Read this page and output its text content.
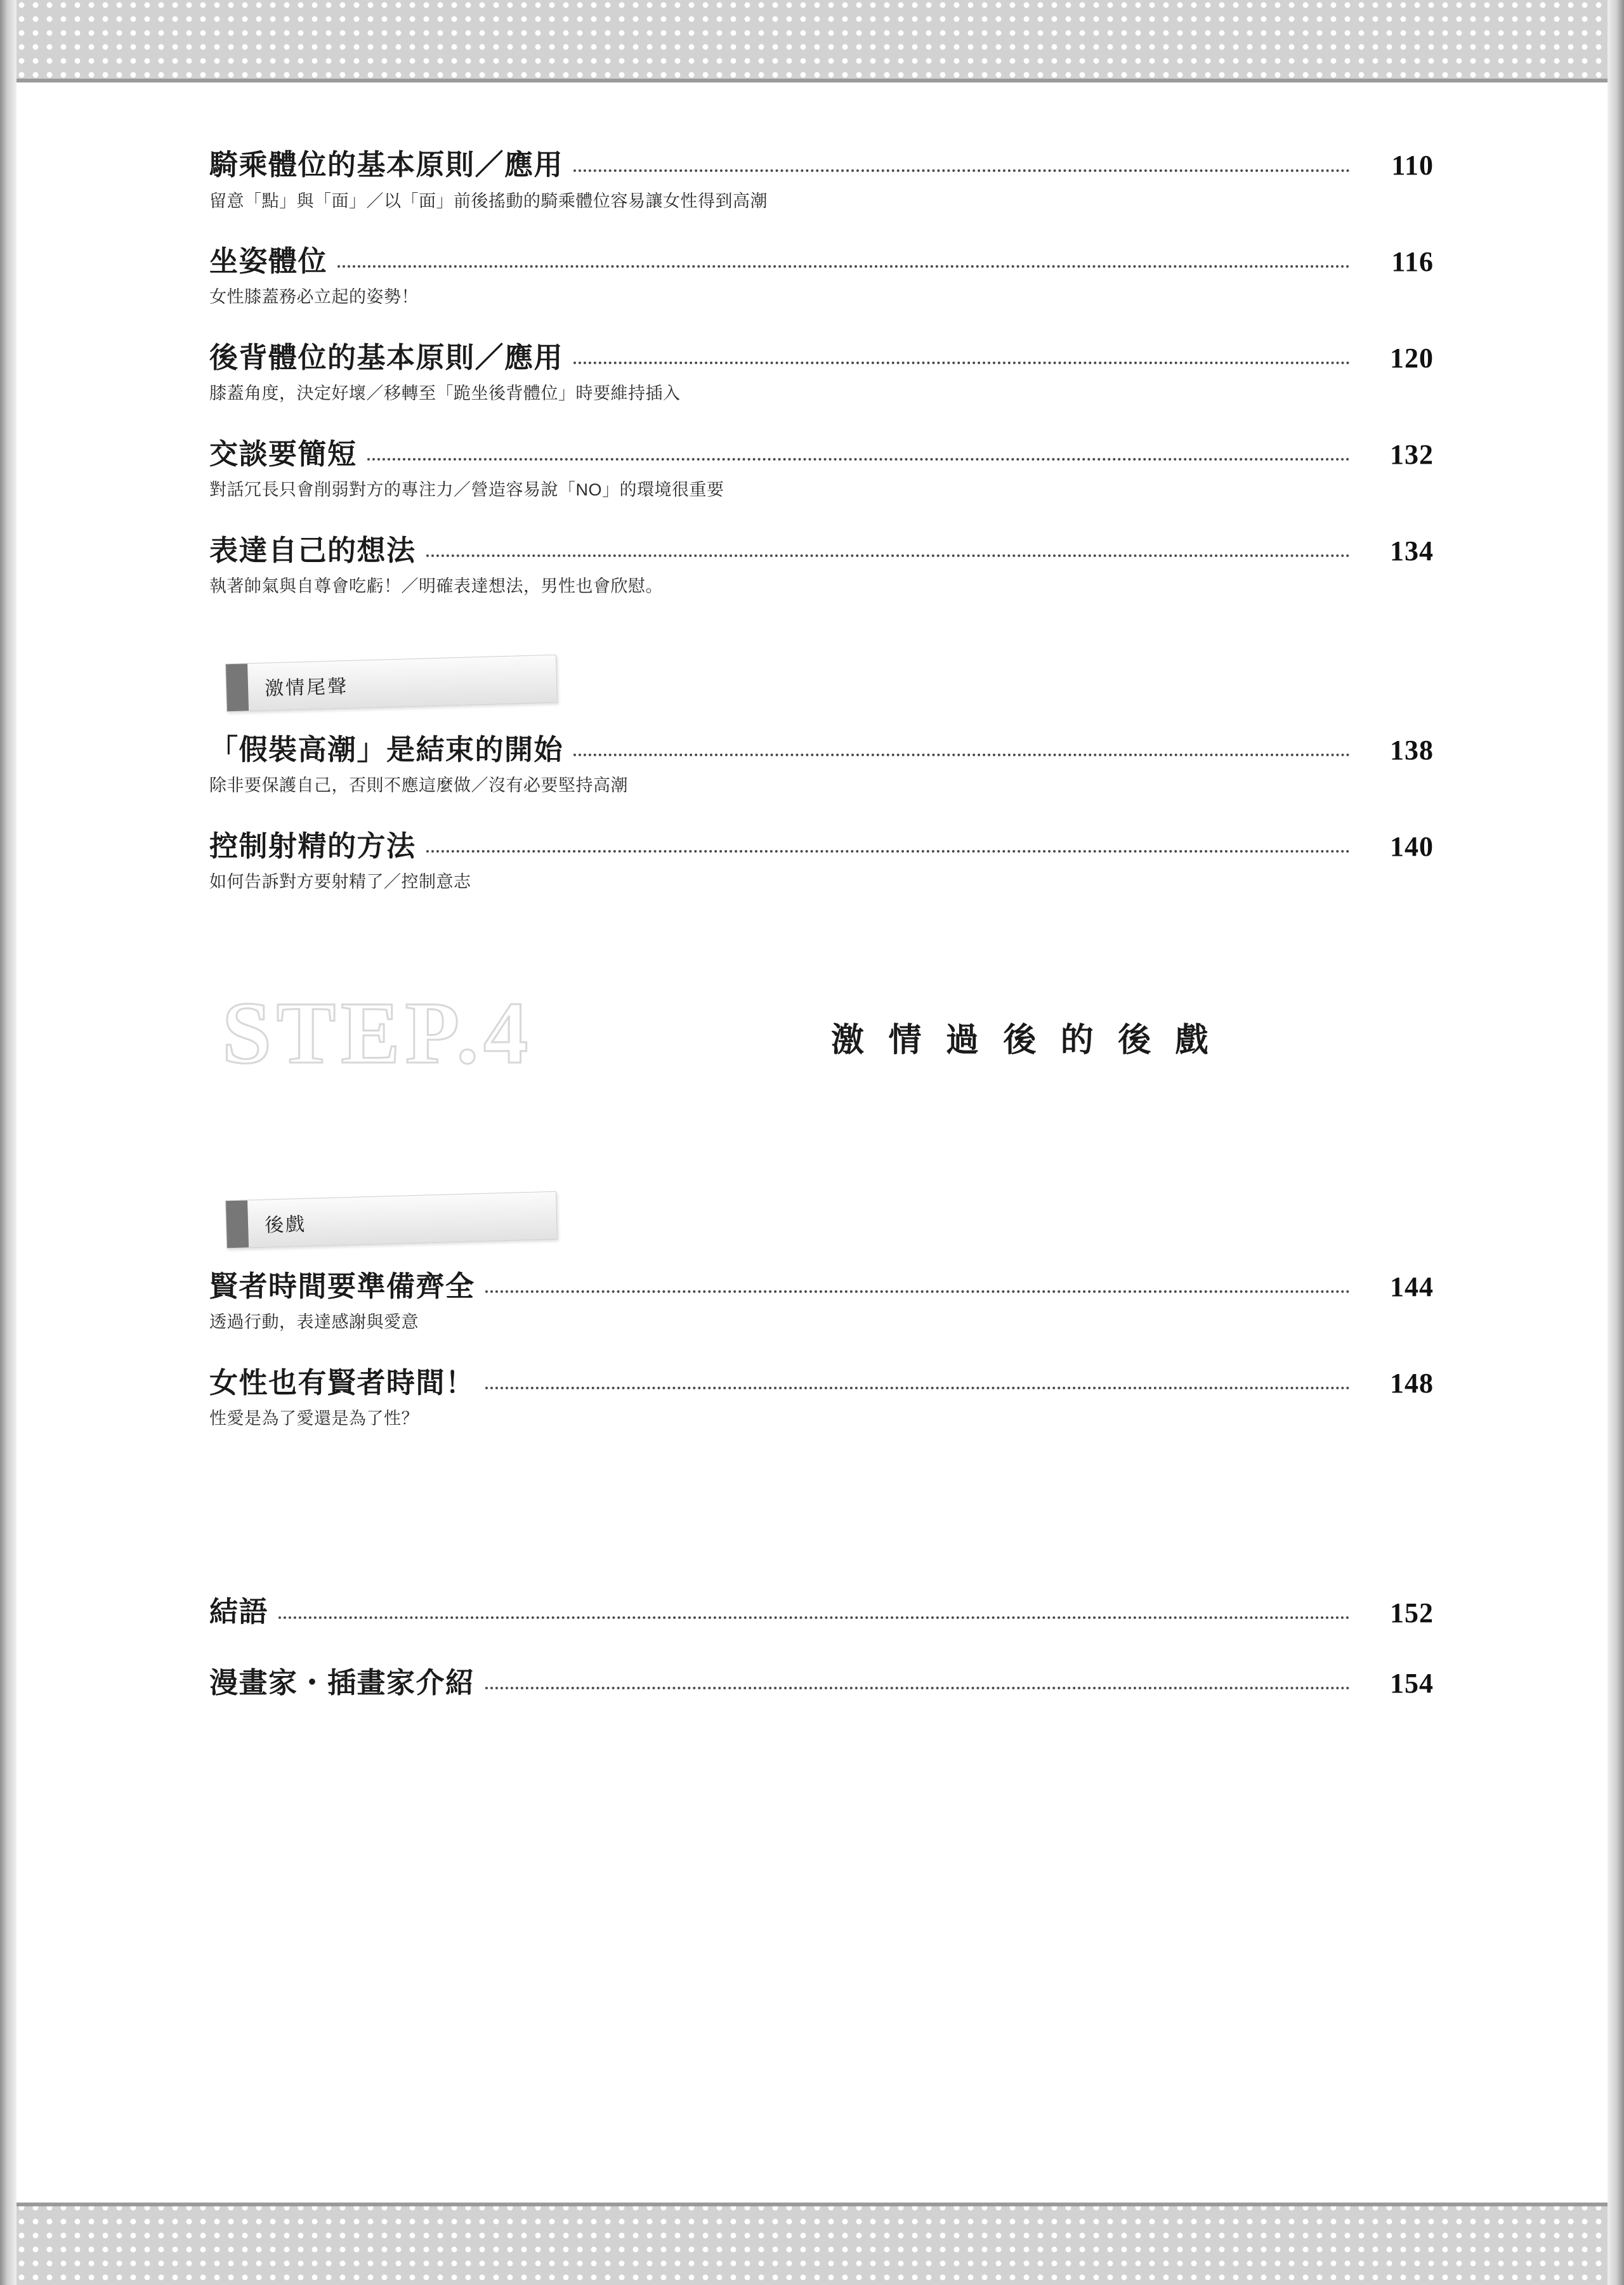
騎乘體位的基本原則／應用	110
留意「點」與「面」／以「面」前後搖動的騎乘體位容易讓女性得到高潮
坐姿體位	116
女性膝蓋務必立起的姿勢！
後背體位的基本原則／應用	120
膝蓋角度，決定好壞／移轉至「跪坐後背體位」時要維持插入
交談要簡短	132
對話冗長只會削弱對方的專注力／營造容易說「NO」的環境很重要
表達自己的想法	134
執著帥氣與自尊會吃虧！／明確表達想法，男性也會欣慰。
激情尾聲
「假裝高潮」是結束的開始	138
除非要保護自己，否則不應這麼做／沒有必要堅持高潮
控制射精的方法	140
如何告訴對方要射精了／控制意志
STEP.4	激 情 過 後 的 後 戲
後戲
賢者時間要準備齊全	144
透過行動，表達感謝與愛意
女性也有賢者時間！	148
性愛是為了愛還是為了性？
結語	152
漫畫家・插畫家介紹	154
